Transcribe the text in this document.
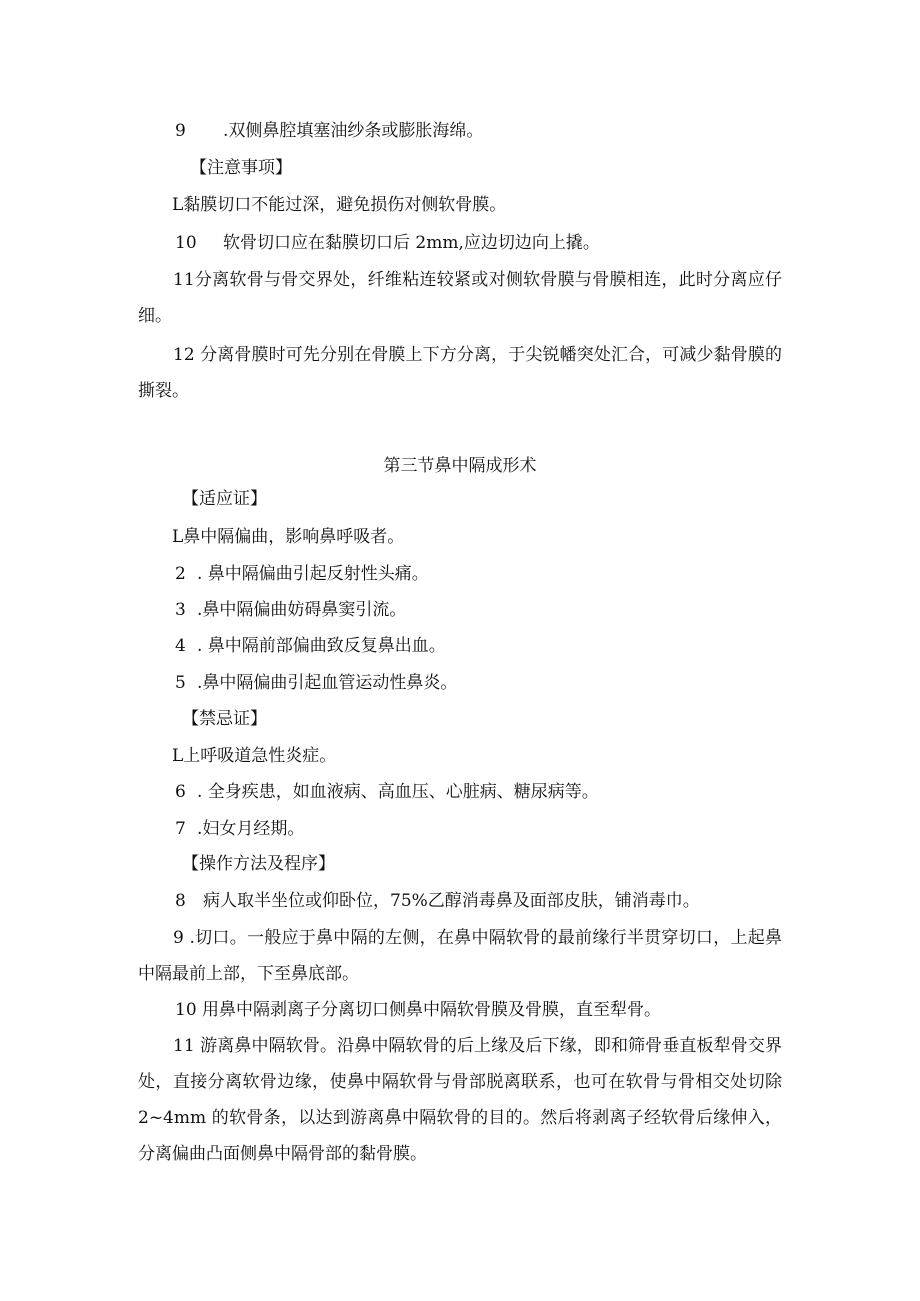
9 .双侧鼻腔填塞油纱条或膨胀海绵。

【注意事项】

L黏膜切口不能过深，避免损伤对侧软骨膜。

10 软骨切口应在黏膜切口后 2mm,应边切边向上撬。

11分离软骨与骨交界处，纤维粘连较紧或对侧软骨膜与骨膜相连，此时分离应仔细。

12 分离骨膜时可先分别在骨膜上下方分离，于尖锐幡突处汇合，可减少黏骨膜的撕裂。

第三节鼻中隔成形术

【适应证】

L鼻中隔偏曲，影响鼻呼吸者。

2 . 鼻中隔偏曲引起反射性头痛。

3 .鼻中隔偏曲妨碍鼻窦引流。

4 . 鼻中隔前部偏曲致反复鼻出血。

5 .鼻中隔偏曲引起血管运动性鼻炎。

【禁忌证】

L上呼吸道急性炎症。

6 . 全身疾患，如血液病、高血压、心脏病、糖尿病等。

7 .妇女月经期。

【操作方法及程序】

8 病人取半坐位或仰卧位，75%乙醇消毒鼻及面部皮肤，铺消毒巾。

9 .切口。一般应于鼻中隔的左侧，在鼻中隔软骨的最前缘行半贯穿切口，上起鼻中隔最前上部，下至鼻底部。

10 用鼻中隔剥离子分离切口侧鼻中隔软骨膜及骨膜，直至犁骨。

11 游离鼻中隔软骨。沿鼻中隔软骨的后上缘及后下缘，即和筛骨垂直板犁骨交界处，直接分离软骨边缘，使鼻中隔软骨与骨部脱离联系，也可在软骨与骨相交处切除 2~4mm 的软骨条，以达到游离鼻中隔软骨的目的。然后将剥离子经软骨后缘伸入，分离偏曲凸面侧鼻中隔骨部的黏骨膜。
